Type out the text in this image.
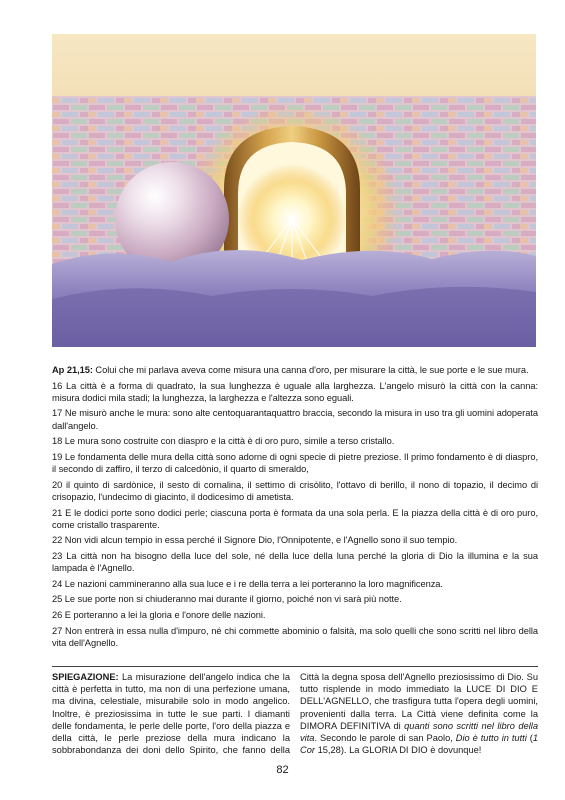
Ap 21,15: Colui che mi parlava aveva come misura una canna d'oro, per misurare la città, le sue porte e le sue mura.

16 La città è a forma di quadrato, la sua lunghezza è uguale alla larghezza. L'angelo misurò la città con la canna: misura dodici mila stadi; la lunghezza, la larghezza e l'altezza sono eguali.

17 Ne misurò anche le mura: sono alte centoquarantaquattro braccia, secondo la misura in uso tra gli uomini adoperata dall'angelo.

18 Le mura sono costruite con diaspro e la città è di oro puro, simile a terso cristallo.

19 Le fondamenta delle mura della città sono adorne di ogni specie di pietre preziose. Il primo fondamento è di diaspro, il secondo di zaffiro, il terzo di calcedònio, il quarto di smeraldo,

20 il quinto di sardònice, il sesto di cornalina, il settimo di crisòlito, l'ottavo di berillo, il nono di topazio, il decimo di crisopazio, l'undecimo di giacinto, il dodicesimo di ametista.

21 E le dodici porte sono dodici perle; ciascuna porta è formata da una sola perla. E la piazza della città è di oro puro, come cristallo trasparente.

22 Non vidi alcun tempio in essa perché il Signore Dio, l'Onnipotente, e l'Agnello sono il suo tempio.

23 La città non ha bisogno della luce del sole, né della luce della luna perché la gloria di Dio la illumina e la sua lampada è l'Agnello.

24 Le nazioni cammineranno alla sua luce e i re della terra a lei porteranno la loro magnificenza.

25 Le sue porte non si chiuderanno mai durante il giorno, poiché non vi sarà più notte.

26 E porteranno a lei la gloria e l'onore delle nazioni.

27 Non entrerà in essa nulla d'impuro, né chi commette abominio o falsità, ma solo quelli che sono scritti nel libro della vita dell'Agnello.

SPIEGAZIONE: La misurazione dell'angelo indica che la città è perfetta in tutto, ma non di una perfezione umana, ma divina, celestiale, misurabile solo in modo angelico. Inoltre, è preziosissima in tutte le sue parti. I diamanti delle fondamenta, le perle delle porte, l'oro della piazza e della città, le perle preziose della mura indicano la sobbrabondanza dei doni dello Spirito, che fanno della Città la degna sposa dell'Agnello preziosissimo di Dio. Su tutto risplende in modo immediato la LUCE DI DIO E DELL'AGNELLO, che trasfigura tutta l'opera degli uomini, provenienti dalla terra. La Città viene definita come la DIMORA DEFINITIVA di quanti sono scritti nel libro della vita. Secondo le parole di san Paolo, Dio è tutto in tutti (1 Cor 15,28). La GLORIA DI DIO è dovunque!

82
